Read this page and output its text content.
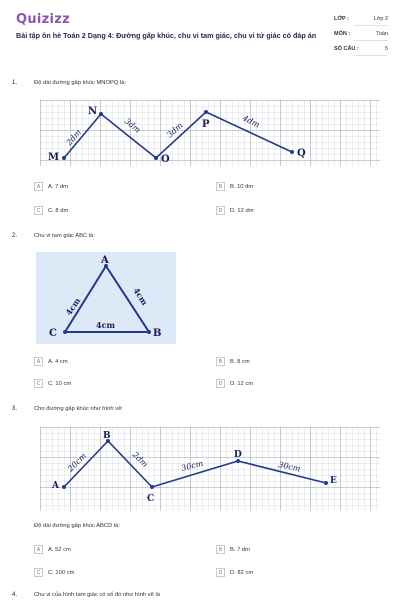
Quizizz
Bài tập ôn hè Toán 2 Dạng 4: Đường gấp khúc, chu vi tam giác, chu vi tứ giác có đáp án
LỚP :	Lớp 2
MÔN :	Toán
SỐ CÂU :	5
1.	Độ dài đường gấp khúc MNOPQ là:
M
N
O
P
Q
2dm
3dm	3dm	4dm
A	A. 7 dm	B	B. 10 dm
C	C. 8 dm	D	D. 12 dm
2.	Chu vi tam giác ABC là:
A
B
C
4cm	4cm
4cm
A	A. 4 cm	B	B. 8 cm
C	C. 10 cm	D	D. 12 cm
3.	Cho đường gấp khúc như hình vẽ:
A
B
C
D
E
20cm	2dm	30cm	30cm
Độ dài đường gấp khúc ABCD là:
A	A. 52 cm	B	B. 7 dm
C	C. 100 cm	D	D. 82 cm
4.	Chu vi của hình tam giác có số đo như hình vẽ là
